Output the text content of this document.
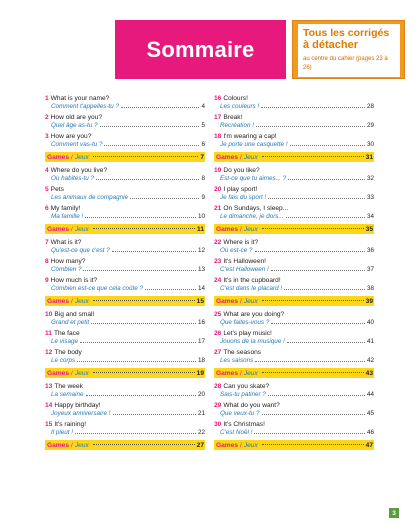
Sommaire
Tous les corrigés
à détacher
au centre du cahier (pages 23 à 26)
1 What is your name?
Comment t'appelles-tu ?	4
2 How old are you?
Quel âge as-tu ?	5
3 How are you?
Comment vas-tu ?	6
Games / Jeux	7
4 Where do you live?
Où habites-tu ?	8
5 Pets
Les animaux de compagnie	9
6 My family!
Ma famille !	10
Games / Jeux	11
7 What is it?
Qu'est-ce que c'est ?	12
8 How many?
Combien ?	13
9 How much is it?
Combien est-ce que cela coûte ?	14
Games / Jeux	15
10 Big and small
Grand et petit	16
11 The face
Le visage	17
12 The body
Le corps	18
Games / Jeux	19
13 The week
La semaine	20
14 Happy birthday!
Joyeux anniversaire !	21
15 It's raining!
Il pleut !	22
Games / Jeux	27
16 Colours!
Les couleurs !	28
17 Break!
Récréation !	29
18 I'm wearing a cap!
Je porte une casquette !	30
Games / Jeux	31
19 Do you like?
Est-ce que tu aimes... ?	32
20 I play sport!
Je fais du sport !	33
21 On Sundays, I sleep...
Le dimanche, je dors...	34
Games / Jeux	35
22 Where is it?
Où est-ce ?	36
23 It's Halloween!
C'est Halloween !	37
24 It's in the cupboard!
C'est dans le placard !	38
Games / Jeux	39
25 What are you doing?
Que faites-vous ?	40
26 Let's play music!
Jouons de la musique !	41
27 The seasons
Les saisons	42
Games / Jeux	43
28 Can you skate?
Sais-tu patiner ?	44
29 What do you want?
Que veux-tu ?	45
30 It's Christmas!
C'est Noël !	46
Games / Jeux	47
3
